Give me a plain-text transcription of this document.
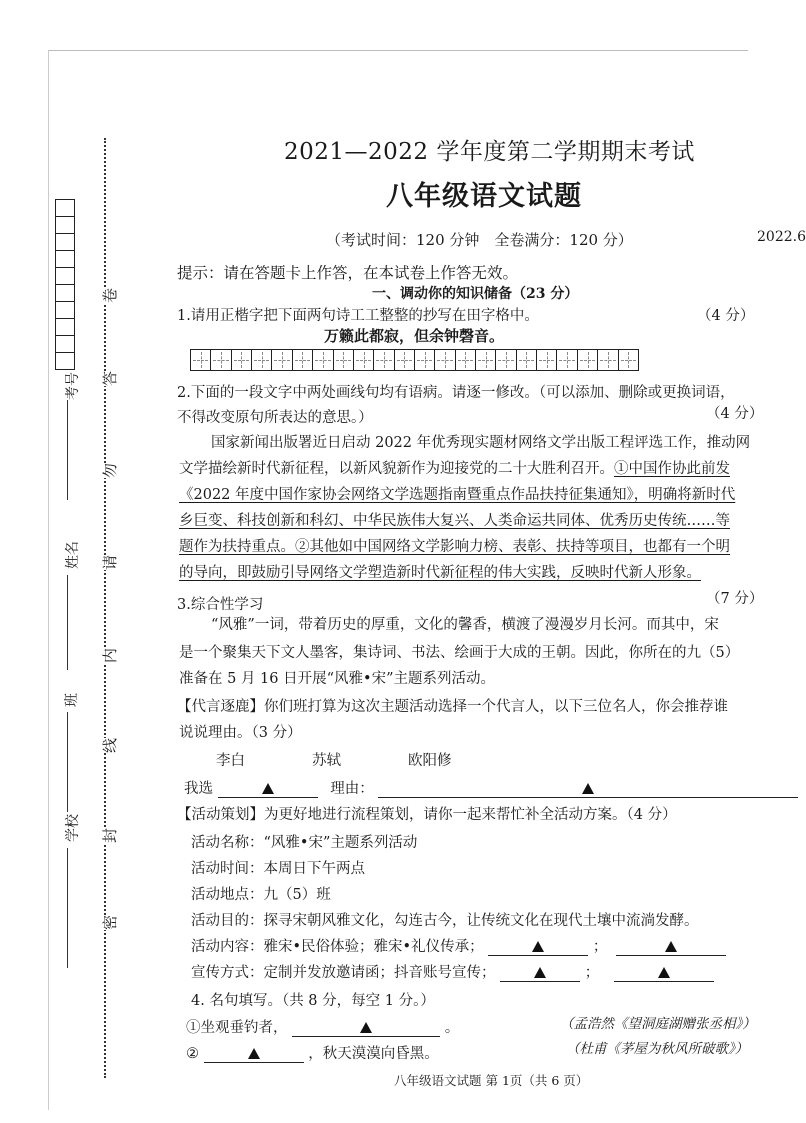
卷
答
勿
请
内
线
封
密
考号
姓名
班
学校
2021—2022 学年度第二学期期末考试
八年级语文试题
（考试时间：120 分钟　全卷满分：120 分）	2022.6
提示：请在答题卡上作答，在本试卷上作答无效。
一、调动你的知识储备（23 分）
1.请用正楷字把下面两句诗工工整整的抄写在田字格中。	（4 分）
万籁此都寂，但余钟磬音。
2.下面的一段文字中两处画线句均有语病。请逐一修改。（可以添加、删除或更换词语，
不得改变原句所表达的意思。）	（4 分）
国家新闻出版署近日启动 2022 年优秀现实题材网络文学出版工程评选工作，推动网
文学描绘新时代新征程，以新风貌新作为迎接党的二十大胜利召开。①中国作协此前发
《2022 年度中国作家协会网络文学选题指南暨重点作品扶持征集通知》，明确将新时代
乡巨变、科技创新和科幻、中华民族伟大复兴、人类命运共同体、优秀历史传统……等
题作为扶持重点。②其他如中国网络文学影响力榜、表彰、扶持等项目，也都有一个明
的导向，即鼓励引导网络文学塑造新时代新征程的伟大实践，反映时代新人形象。
3.综合性学习	（7 分）
“风雅”一词，带着历史的厚重，文化的馨香，横渡了漫漫岁月长河。而其中，宋
是一个聚集天下文人墨客，集诗词、书法、绘画于大成的王朝。因此，你所在的九（5）
准备在 5 月 16 日开展“风雅•宋”主题系列活动。
【代言逐鹿】你们班打算为这次主题活动选择一个代言人，以下三位名人，你会推荐谁
说说理由。（3 分）
李白	苏轼	欧阳修
我选	理由：
【活动策划】为更好地进行流程策划，请你一起来帮忙补全活动方案。（4 分）
活动名称：“风雅•宋”主题系列活动
活动时间：本周日下午两点
活动地点：九（5）班
活动目的：探寻宋朝风雅文化，勾连古今，让传统文化在现代土壤中流淌发酵。
活动内容：雅宋•民俗体验；雅宋•礼仪传承；	；
宣传方式：定制并发放邀请函；抖音账号宣传；	；
4. 名句填写。（共 8 分，每空 1 分。）
①坐观垂钓者，	。	（孟浩然《望洞庭湖赠张丞相》）
②	，秋天漠漠向昏黑。	（杜甫《茅屋为秋风所破歌》）
八年级语文试题 第 1页（共 6 页）
